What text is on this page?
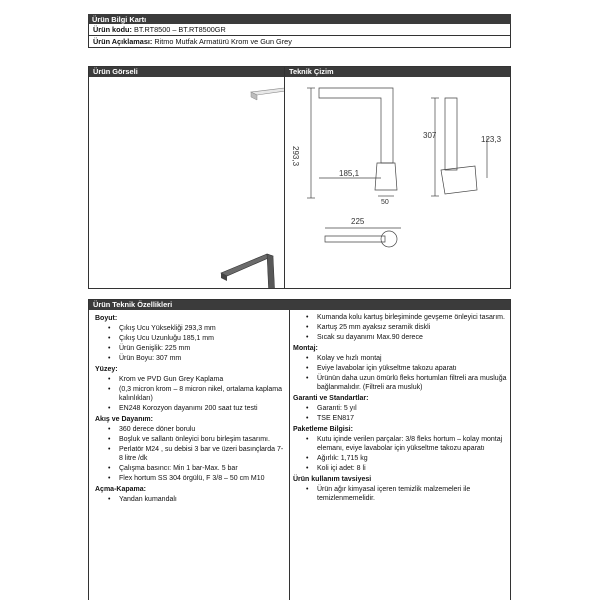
Ürün Bilgi Kartı
Ürün kodu: BT.RT8500 – BT.RT8500GR
Ürün Açıklaması: Ritmo Mutfak Armatürü Krom ve Gun Grey
Ürün Görseli	Teknik Çizim
293,3
185,1
50
307	123,3
225
Ürün Teknik Özellikleri
Boyut:
• Çıkış Ucu Yüksekliği 293,3 mm
• Çıkış Ucu Uzunluğu 185,1 mm
• Ürün Genişlik: 225 mm
• Ürün Boyu: 307 mm
Yüzey:
• Krom ve PVD Gun Grey Kaplama
• (0,3 micron krom – 8 micron nikel, ortalama kaplama kalınlıkları)
• EN248 Korozyon dayanımı 200 saat tuz testi
Akış ve Dayanım:
• 360 derece döner borulu
• Boşluk ve sallantı önleyici boru birleşim tasarımı.
• Perlatör M24 , su debisi 3 bar ve üzeri basınçlarda 7-8 litre /dk
• Çalışma basıncı: Min 1 bar-Max. 5 bar
• Flex hortum SS 304 örgülü, F 3/8 – 50 cm M10
Açma-Kapama:
• Yandan kumandalı
• Kumanda kolu kartuş birleşiminde gevşeme önleyici tasarım.
• Kartuş 25 mm ayaksız seramik diskli
• Sıcak su dayanımı Max.90 derece
Montaj:
• Kolay ve hızlı montaj
• Eviye lavabolar için yükseltme takozu aparatı
• Ürünün daha uzun ömürlü fleks hortumları filtreli ara musluğa bağlanmalıdır. (Filtreli ara musluk)
Garanti ve Standartlar:
• Garanti: 5 yıl
• TSE EN817
Paketleme Bilgisi:
• Kutu içinde verilen parçalar: 3/8 fleks hortum – kolay montaj elemanı, eviye lavabolar için yükseltme takozu aparatı
• Ağırlık: 1,715 kg
• Koli içi adet: 8 li
Ürün kullanım tavsiyesi
• Ürün ağır kimyasal içeren temizlik malzemeleri ile temizlenmemelidir.
